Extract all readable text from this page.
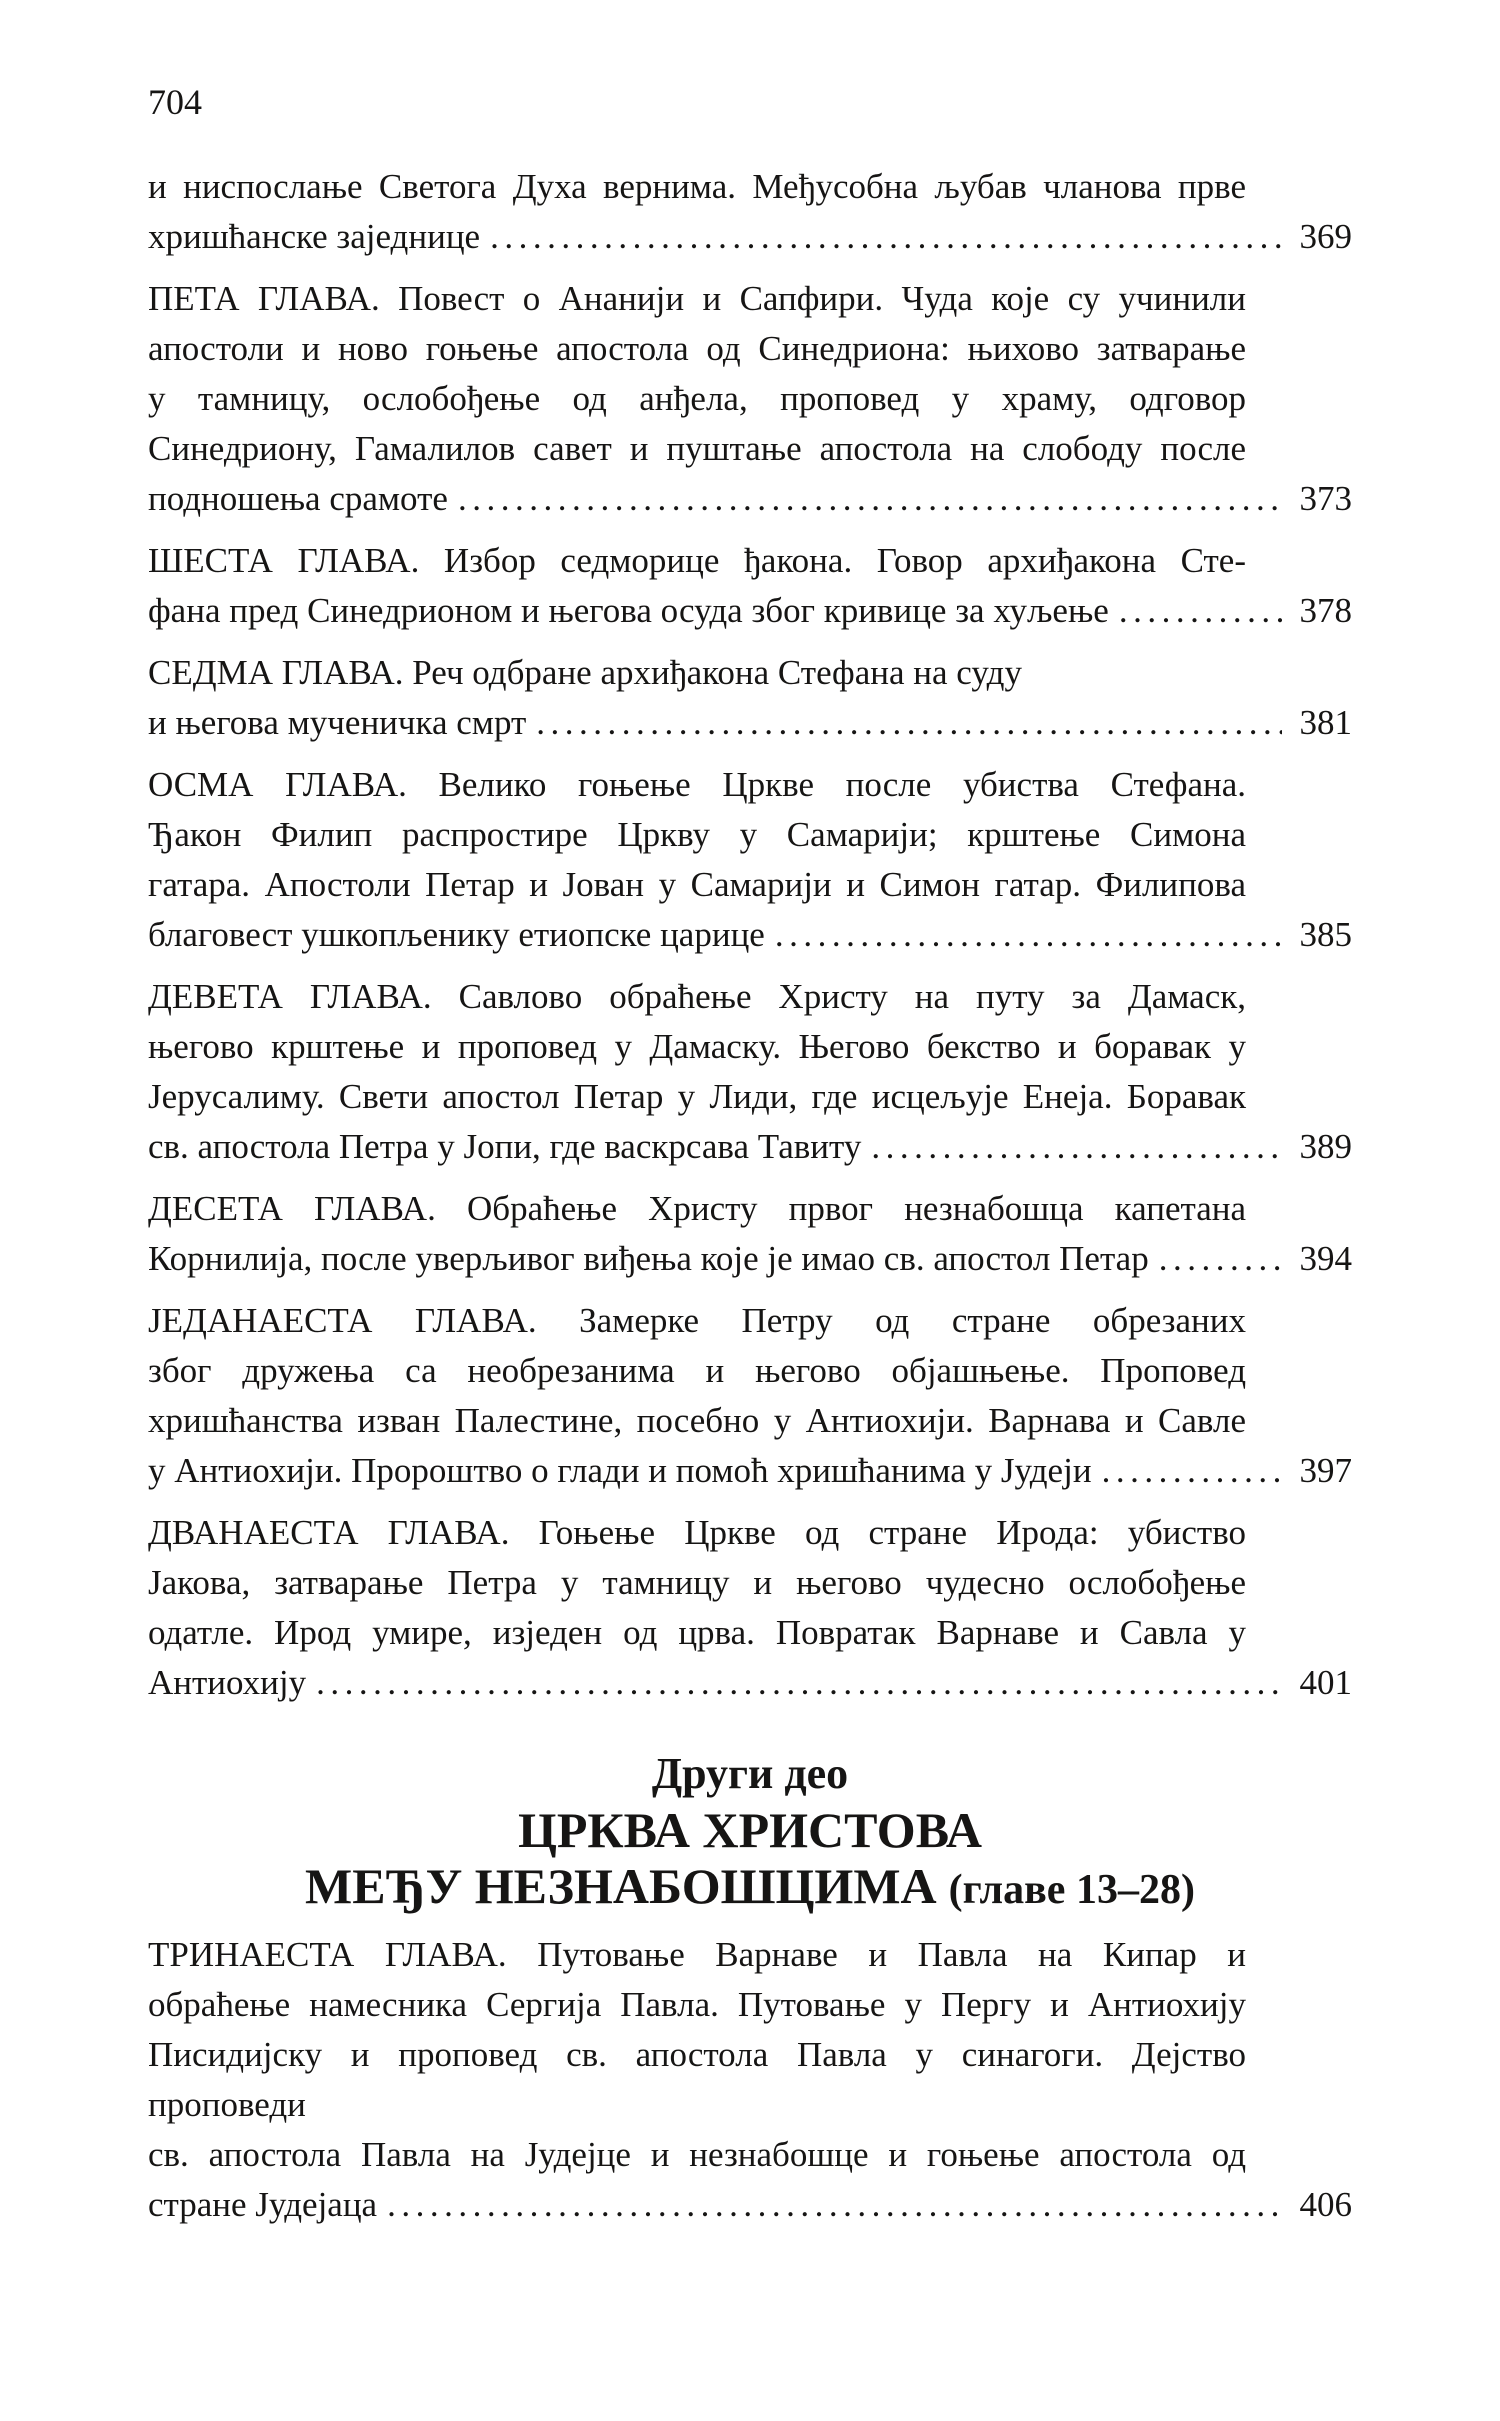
704
и ниспослање Светога Духа вернима. Међусобна љубав чланова прве
хришћанске заједнице .....	369
ПЕТА ГЛАВА. Повест о Ананији и Сапфири. Чуда које су учинили
апостоли и ново гоњење апостола од Синедриона: њихово затварање
у тамницу, ослобођење од анђела, проповед у храму, одговор
Синедриону, Гамалилов савет и пуштање апостола на слободу после
подношења срамоте .....	373
ШЕСТА ГЛАВА. Избор седморице ђакона. Говор архиђакона Сте-
фана пред Синедрионом и његова осуда због кривице за хуљење .....	378
СЕДМА ГЛАВА. Реч одбране архиђакона Стефана на суду
и његова мученичка смрт .....	381
ОСМА ГЛАВА. Велико гоњење Цркве после убиства Стефана.
Ђакон Филип распростире Цркву у Самарији; крштење Симона
гатара. Апостоли Петар и Јован у Самарији и Симон гатар. Филипова
благовест ушкопљенику етиопске царице .....	385
ДЕВЕТА ГЛАВА. Савлово обраћење Христу на путу за Дамаск,
његово крштење и проповед у Дамаску. Његово бекство и боравак у
Јерусалиму. Свети апостол Петар у Лиди, где исцељује Енеја. Боравак
св. апостола Петра у Јопи, где васкрсава Тавиту .....	389
ДЕСЕТА ГЛАВА. Обраћење Христу првог незнабошца капетана
Корнилија, после уверљивог виђења које је имао св. апостол Петар .....	394
ЈЕДАНАЕСТА ГЛАВА. Замерке Петру од стране обрезаних
због дружења са необрезанима и његово објашњење. Проповед
хришћанства изван Палестине, посебно у Антиохији. Варнава и Савле
у Антиохији. Пророштво о глади и помоћ хришћанима у Јудеји .....	397
ДВАНАЕСТА ГЛАВА. Гоњење Цркве од стране Ирода: убиство
Јакова, затварање Петра у тамницу и његово чудесно ослобођење
одатле. Ирод умире, изједен од црва. Повратак Варнаве и Савла у
Антиохију .....	401
Други део
ЦРКВА ХРИСТОВА
МЕЂУ НЕЗНАБОШЦИМА (главе 13–28)
ТРИНАЕСТА ГЛАВА. Путовање Варнаве и Павла на Кипар и
обраћење намесника Сергија Павла. Путовање у Пергу и Антиохију
Писидијску и проповед св. апостола Павла у синагоги. Дејство проповеди
св. апостола Павла на Јудејце и незнабошце и гоњење апостола од
стране Јудејаца .....	406
